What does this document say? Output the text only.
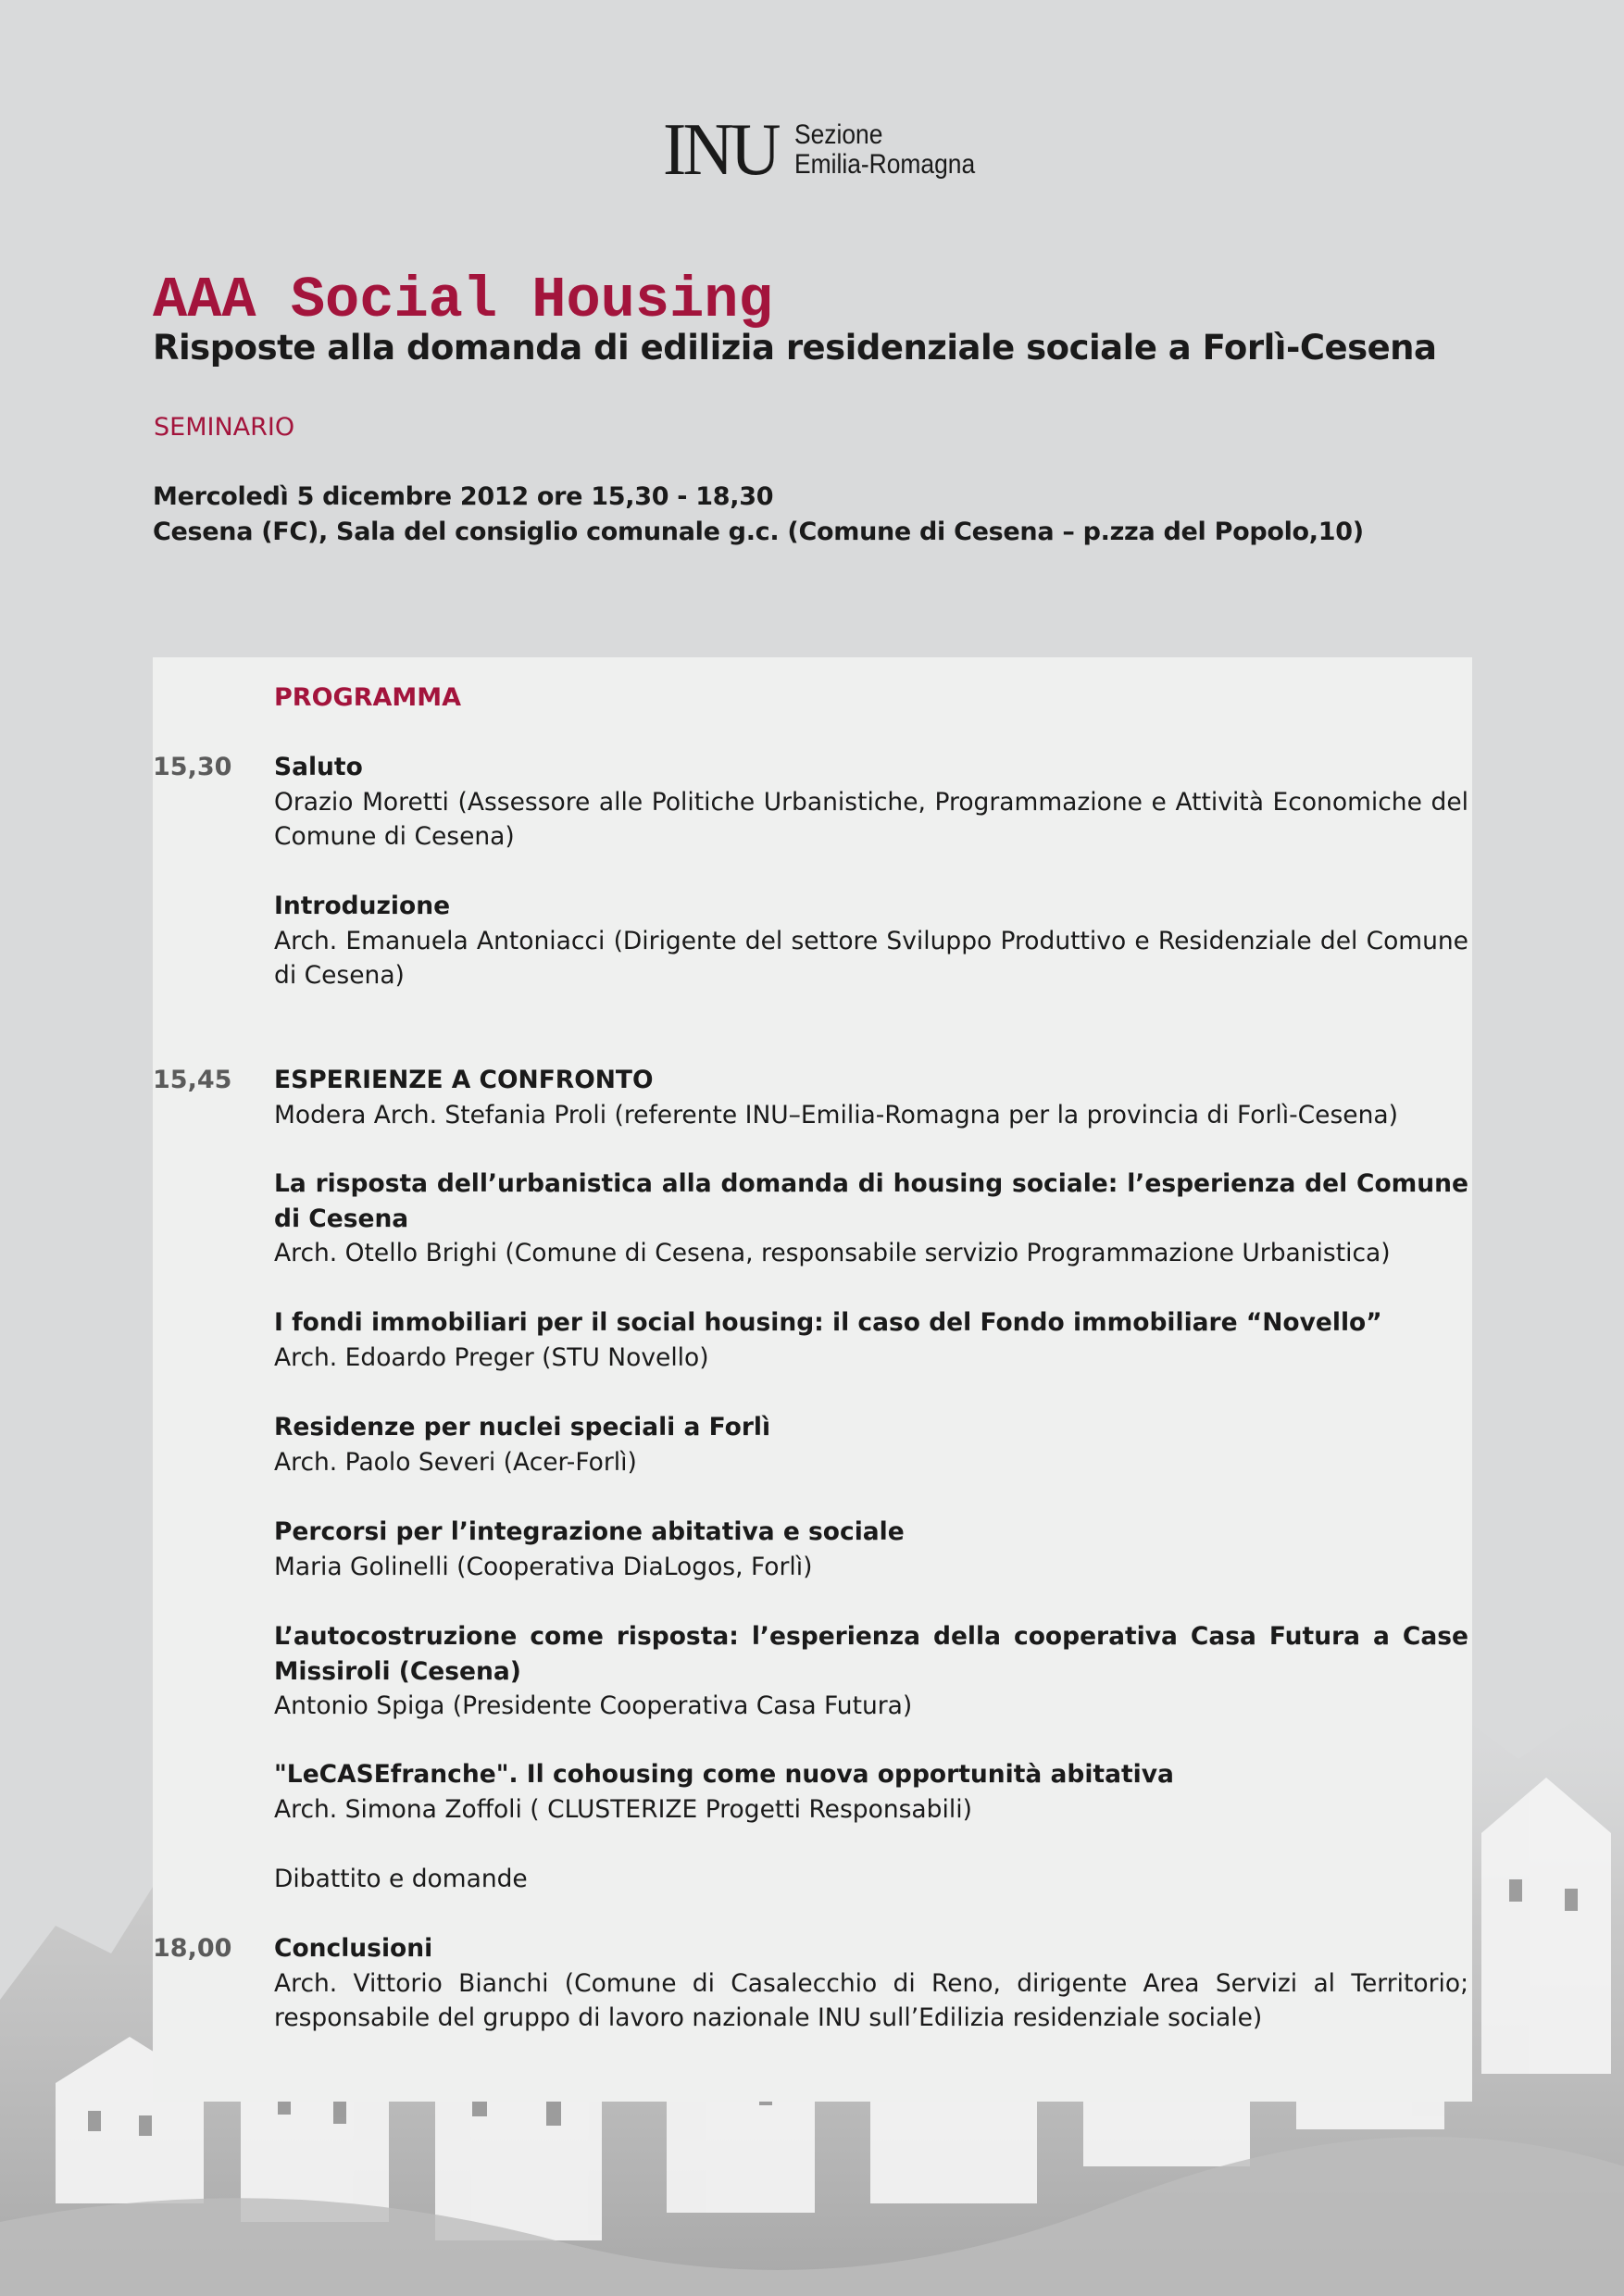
INU Sezione
Emilia-Romagna
AAA Social Housing
Risposte alla domanda di edilizia residenziale sociale a Forlì-Cesena
SEMINARIO
Mercoledì 5 dicembre 2012 ore 15,30 - 18,30
Cesena (FC), Sala del consiglio comunale g.c. (Comune di Cesena – p.zza del Popolo,10)
PROGRAMMA
15,30 Saluto
Orazio Moretti (Assessore alle Politiche Urbanistiche, Programmazione e Attività Economiche del Comune di Cesena)
Introduzione
Arch. Emanuela Antoniacci (Dirigente del settore Sviluppo Produttivo e Residenziale del Comune di Cesena)
15,45 ESPERIENZE A CONFRONTO
Modera Arch. Stefania Proli (referente INU–Emilia-Romagna per la provincia di Forlì-Cesena)
La risposta dell’urbanistica alla domanda di housing sociale: l’esperienza del Comune di Cesena
Arch. Otello Brighi (Comune di Cesena, responsabile servizio Programmazione Urbanistica)
I fondi immobiliari per il social housing: il caso del Fondo immobiliare “Novello”
Arch. Edoardo Preger (STU Novello)
Residenze per nuclei speciali a Forlì
Arch. Paolo Severi (Acer-Forlì)
Percorsi per l’integrazione abitativa e sociale
Maria Golinelli (Cooperativa DiaLogos, Forlì)
L’autocostruzione come risposta: l’esperienza della cooperativa Casa Futura a Case Missiroli (Cesena)
Antonio Spiga (Presidente Cooperativa Casa Futura)
"LeCASEfranche". Il cohousing come nuova opportunità abitativa
Arch. Simona Zoffoli ( CLUSTERIZE Progetti Responsabili)
Dibattito e domande
18,00 Conclusioni
Arch. Vittorio Bianchi (Comune di Casalecchio di Reno, dirigente Area Servizi al Territorio; responsabile del gruppo di lavoro nazionale INU sull’Edilizia residenziale sociale)
